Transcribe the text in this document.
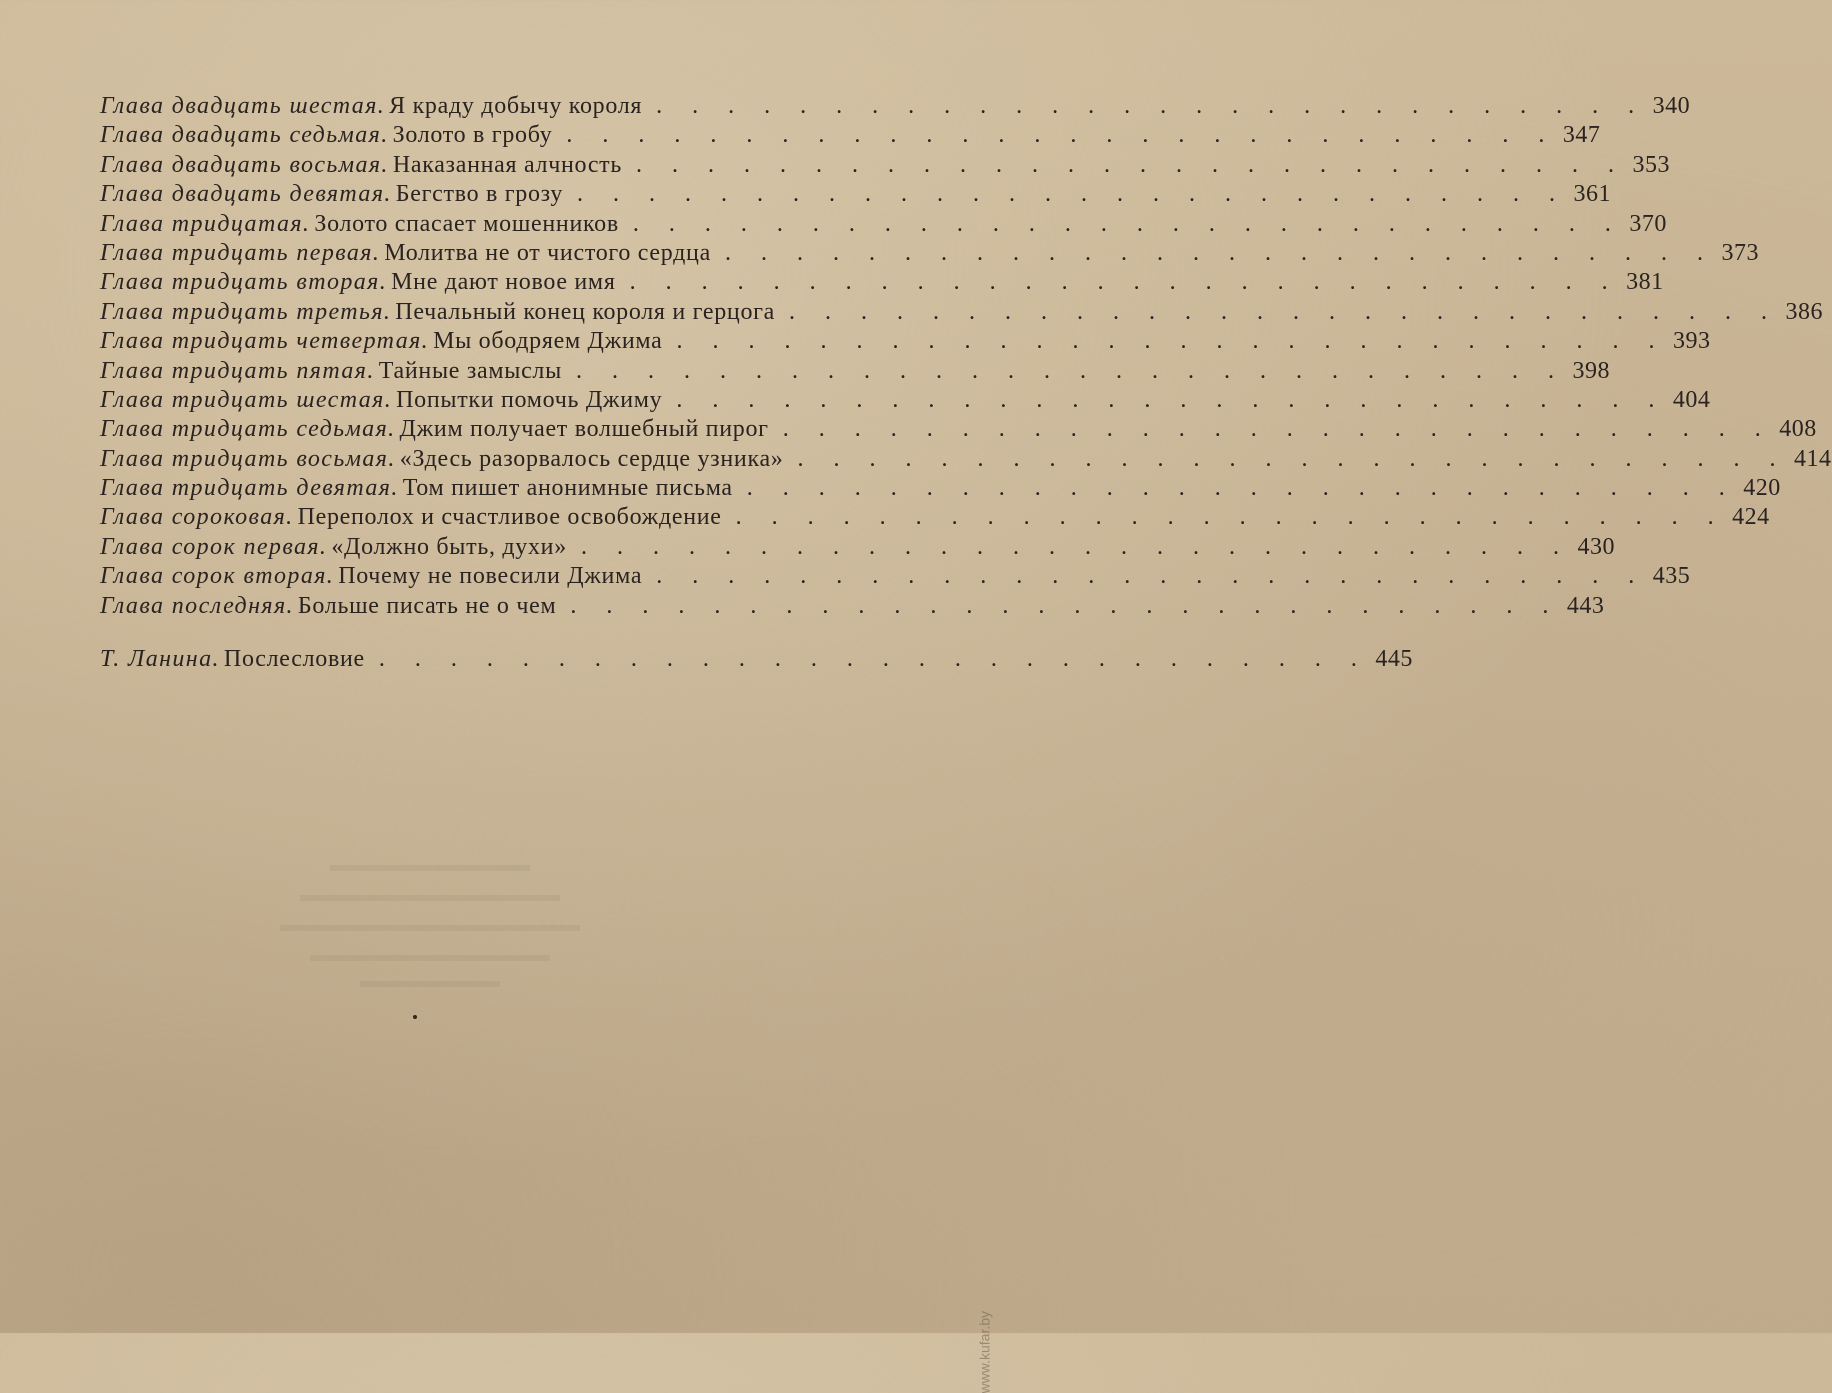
Глава двадцать шестая. Я краду добычу короля . . . . . . . . . . . . . . . . . . . . . . . . . . . . 340
Глава двадцать седьмая. Золото в гробу . . . . . . . . . . . . . . . . . . . . . . . . . . . . 347
Глава двадцать восьмая. Наказанная алчность . . . . . . . . . . . . . . . . . . . . . . . . . . . . 353
Глава двадцать девятая. Бегство в грозу . . . . . . . . . . . . . . . . . . . . . . . . . . . . 361
Глава тридцатая. Золото спасает мошенников . . . . . . . . . . . . . . . . . . . . . . . . . . . . 370
Глава тридцать первая. Молитва не от чистого сердца . . . . . . . . . . . . . . . . . . . . . . . . . . . . 373
Глава тридцать вторая. Мне дают новое имя . . . . . . . . . . . . . . . . . . . . . . . . . . . . 381
Глава тридцать третья. Печальный конец короля и герцога . . . . . . . . . . . . . . . . . . . . . . . . . . . . 386
Глава тридцать четвертая. Мы ободряем Джима . . . . . . . . . . . . . . . . . . . . . . . . . . . . 393
Глава тридцать пятая. Тайные замыслы . . . . . . . . . . . . . . . . . . . . . . . . . . . . 398
Глава тридцать шестая. Попытки помочь Джиму . . . . . . . . . . . . . . . . . . . . . . . . . . . . 404
Глава тридцать седьмая. Джим получает волшебный пирог . . . . . . . . . . . . . . . . . . . . . . . . . . . . 408
Глава тридцать восьмая. «Здесь разорвалось сердце узника» . . . . . . . . . . . . . . . . . . . . . . . . . . . . 414
Глава тридцать девятая. Том пишет анонимные письма . . . . . . . . . . . . . . . . . . . . . . . . . . . . 420
Глава сороковая. Переполох и счастливое освобождение . . . . . . . . . . . . . . . . . . . . . . . . . . . . 424
Глава сорок первая. «Должно быть, духи» . . . . . . . . . . . . . . . . . . . . . . . . . . . . 430
Глава сорок вторая. Почему не повесили Джима . . . . . . . . . . . . . . . . . . . . . . . . . . . . 435
Глава последняя. Больше писать не о чем . . . . . . . . . . . . . . . . . . . . . . . . . . . . 443
Т. Ланина. Послесловие . . . . . . . . . . . . . . . . . . . . . . . . . . . . 445
www.kufar.by
